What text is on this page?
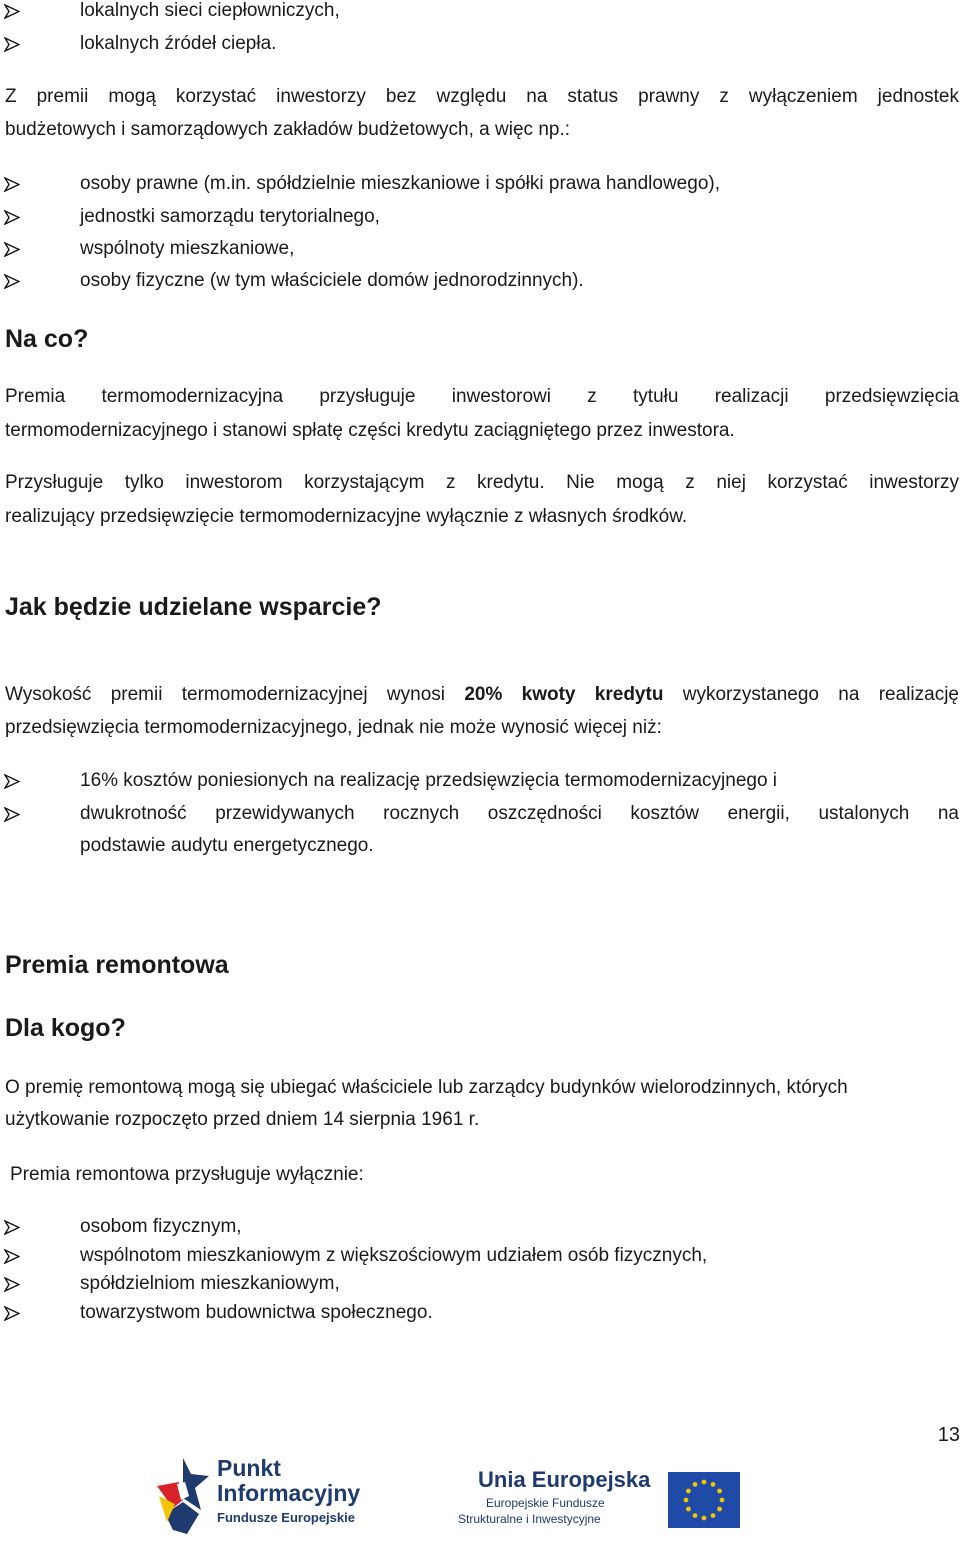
lokalnych sieci ciepłowniczych,
lokalnych źródeł ciepła.
Z premii mogą korzystać inwestorzy bez względu na status prawny z wyłączeniem jednostek
budżetowych i samorządowych zakładów budżetowych, a więc np.:
osoby prawne (m.in. spółdzielnie mieszkaniowe i spółki prawa handlowego),
jednostki samorządu terytorialnego,
wspólnoty mieszkaniowe,
osoby fizyczne (w tym właściciele domów jednorodzinnych).
Na co?
Premia termomodernizacyjna przysługuje inwestorowi z tytułu realizacji przedsięwzięcia
termomodernizacyjnego i stanowi spłatę części kredytu zaciągniętego przez inwestora.
Przysługuje tylko inwestorom korzystającym z kredytu. Nie mogą z niej korzystać inwestorzy
realizujący przedsięwzięcie termomodernizacyjne wyłącznie z własnych środków.
Jak będzie udzielane wsparcie?
Wysokość premii termomodernizacyjnej wynosi 20% kwoty kredytu wykorzystanego na realizację
przedsięwzięcia termomodernizacyjnego, jednak nie może wynosić więcej niż:
16% kosztów poniesionych na realizację przedsięwzięcia termomodernizacyjnego i
dwukrotność przewidywanych rocznych oszczędności kosztów energii, ustalonych na
podstawie audytu energetycznego.
Premia remontowa
Dla kogo?
O premię remontową mogą się ubiegać właściciele lub zarządcy budynków wielorodzinnych, których
użytkowanie rozpoczęto przed dniem 14 sierpnia 1961 r.
Premia remontowa przysługuje wyłącznie:
osobom fizycznym,
wspólnotom mieszkaniowym z większościowym udziałem osób fizycznych,
spółdzielniom mieszkaniowym,
towarzystwom budownictwa społecznego.
13
Punkt
Informacyjny
Fundusze Europejskie
Unia Europejska
Europejskie Fundusze
Strukturalne i Inwestycyjne
